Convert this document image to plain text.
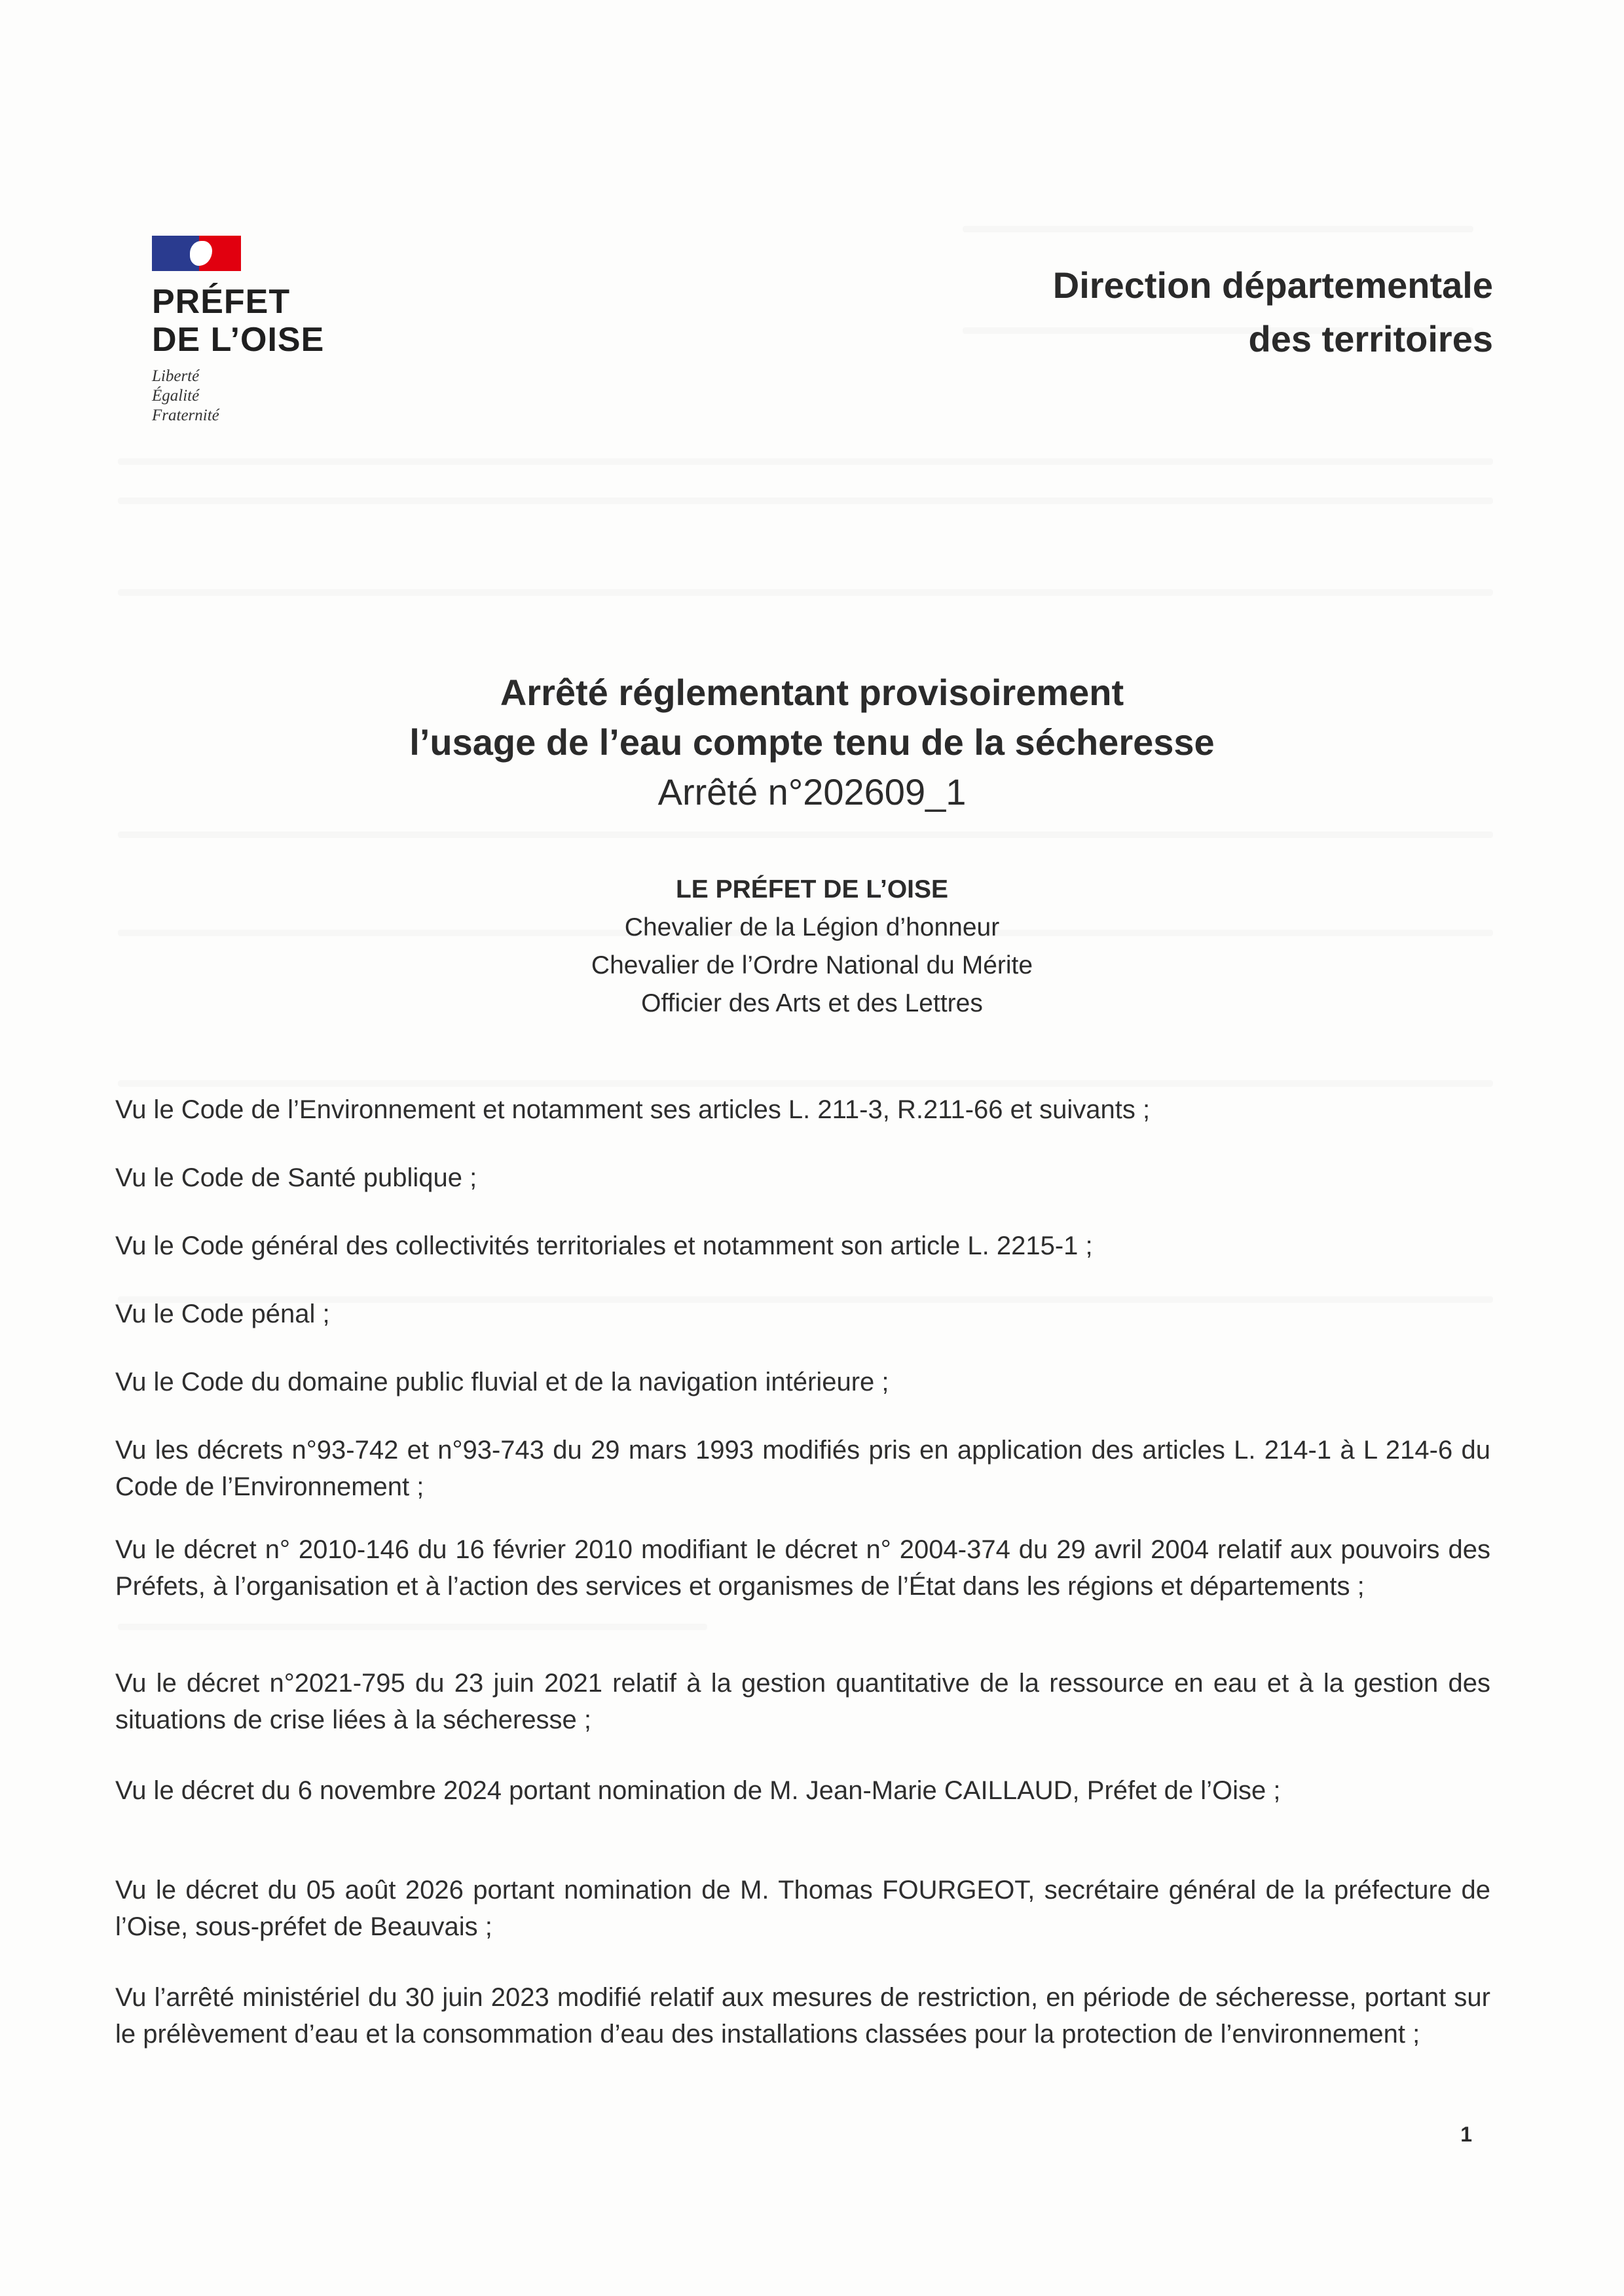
PRÉFET
DE L’OISE
Liberté
Égalité
Fraternité
Direction départementale
des territoires
Arrêté réglementant provisoirement
l’usage de l’eau compte tenu de la sécheresse
Arrêté n°202609_1
LE PRÉFET DE L’OISE
Chevalier de la Légion d’honneur
Chevalier de l’Ordre National du Mérite
Officier des Arts et des Lettres
Vu le Code de l’Environnement et notamment ses articles L. 211-3, R.211-66 et suivants ;
Vu le Code de Santé publique ;
Vu le Code général des collectivités territoriales et notamment son article L. 2215-1 ;
Vu le Code pénal ;
Vu le Code du domaine public fluvial et de la navigation intérieure ;
Vu les décrets n°93-742 et n°93-743 du 29 mars 1993 modifiés pris en application des articles L. 214-1 à L 214-6 du Code de l’Environnement ;
Vu le décret n° 2010-146 du 16 février 2010 modifiant le décret n° 2004-374 du 29 avril 2004 relatif aux pouvoirs des Préfets, à l’organisation et à l’action des services et organismes de l’État dans les régions et départements ;
Vu le décret n°2021-795 du 23 juin 2021 relatif à la gestion quantitative de la ressource en eau et à la gestion des situations de crise liées à la sécheresse ;
Vu le décret du 6 novembre 2024 portant nomination de M. Jean-Marie CAILLAUD, Préfet de l’Oise ;
Vu le décret du 05 août 2026 portant nomination de M. Thomas FOURGEOT, secrétaire général de la préfecture de l’Oise, sous-préfet de Beauvais ;
Vu l’arrêté ministériel du 30 juin 2023 modifié relatif aux mesures de restriction, en période de sécheresse, portant sur le prélèvement d’eau et la consommation d’eau des installations classées pour la protection de l’environnement ;
1
